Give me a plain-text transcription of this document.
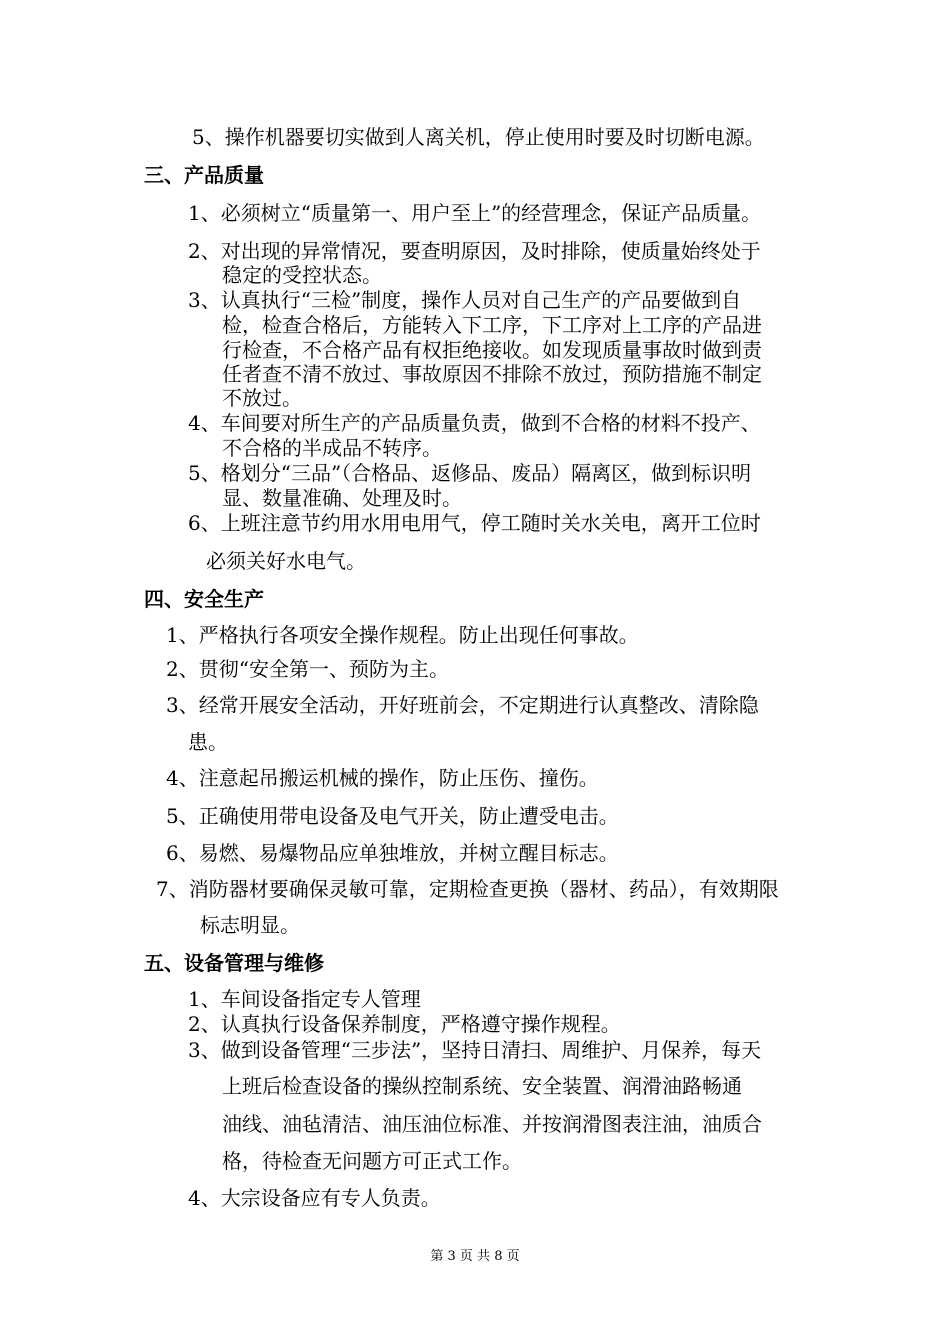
5、操作机器要切实做到人离关机，停止使用时要及时切断电源。
三、产品质量
1、必须树立“质量第一、用户至上”的经营理念，保证产品质量。
2、对出现的异常情况，要查明原因，及时排除，使质量始终处于
稳定的受控状态。
3、认真执行“三检”制度，操作人员对自己生产的产品要做到自
检，检查合格后，方能转入下工序，下工序对上工序的产品进
行检查，不合格产品有权拒绝接收。如发现质量事故时做到责
任者查不清不放过、事故原因不排除不放过，预防措施不制定
不放过。
4、车间要对所生产的产品质量负责，做到不合格的材料不投产、
不合格的半成品不转序。
5、格划分“三品”（合格品、返修品、废品）隔离区，做到标识明
显、数量准确、处理及时。
6、上班注意节约用水用电用气，停工随时关水关电，离开工位时
必须关好水电气。
四、安全生产
1、严格执行各项安全操作规程。防止出现任何事故。
2、贯彻“安全第一、预防为主。
3、经常开展安全活动，开好班前会，不定期进行认真整改、清除隐
患。
4、注意起吊搬运机械的操作，防止压伤、撞伤。
5、正确使用带电设备及电气开关，防止遭受电击。
6、易燃、易爆物品应单独堆放，并树立醒目标志。
7、消防器材要确保灵敏可靠，定期检查更换（器材、药品），有效期限
标志明显。
五、设备管理与维修
1、车间设备指定专人管理
2、认真执行设备保养制度，严格遵守操作规程。
3、做到设备管理“三步法”，坚持日清扫、周维护、月保养，每天
上班后检查设备的操纵控制系统、安全装置、润滑油路畅通
油线、油毡清洁、油压油位标准、并按润滑图表注油，油质合
格，待检查无问题方可正式工作。
4、大宗设备应有专人负责。
第 3 页 共 8 页
